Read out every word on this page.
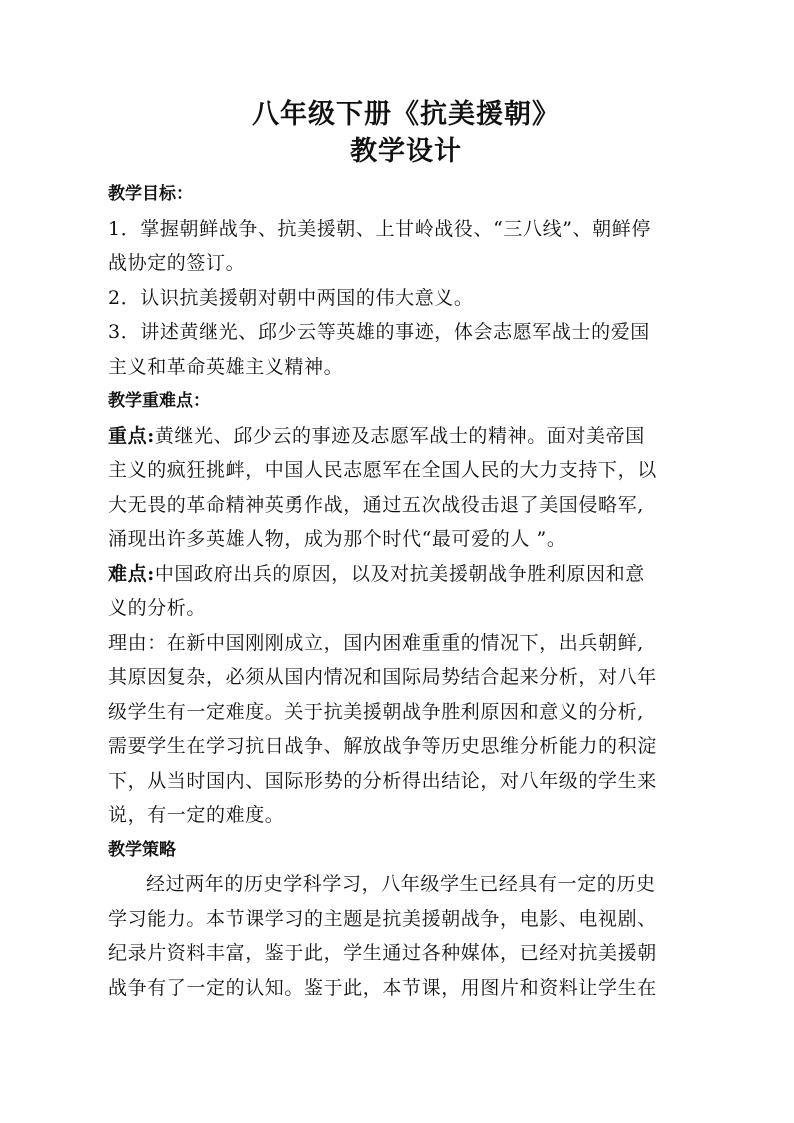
八年级下册《抗美援朝》

教学设计

教学目标：

1．掌握朝鲜战争、抗美援朝、上甘岭战役、“三八线”、朝鲜停

战协定的签订。

2．认识抗美援朝对朝中两国的伟大意义。

3．讲述黄继光、邱少云等英雄的事迹，体会志愿军战士的爱国

主义和革命英雄主义精神。

教学重难点：

重点:黄继光、邱少云的事迹及志愿军战士的精神。面对美帝国

主义的疯狂挑衅，中国人民志愿军在全国人民的大力支持下，以

大无畏的革命精神英勇作战，通过五次战役击退了美国侵略军,

涌现出许多英雄人物，成为那个时代“最可爱的人 ”。

难点:中国政府出兵的原因，以及对抗美援朝战争胜利原因和意

义的分析。

理由：在新中国刚刚成立，国内困难重重的情况下，出兵朝鲜,

其原因复杂，必须从国内情况和国际局势结合起来分析，对八年

级学生有一定难度。关于抗美援朝战争胜利原因和意义的分析,

需要学生在学习抗日战争、解放战争等历史思维分析能力的积淀

下，从当时国内、国际形势的分析得出结论，对八年级的学生来

说，有一定的难度。

教学策略

经过两年的历史学科学习，八年级学生已经具有一定的历史

学习能力。本节课学习的主题是抗美援朝战争，电影、电视剧、

纪录片资料丰富，鉴于此，学生通过各种媒体，已经对抗美援朝

战争有了一定的认知。鉴于此，本节课，用图片和资料让学生在
